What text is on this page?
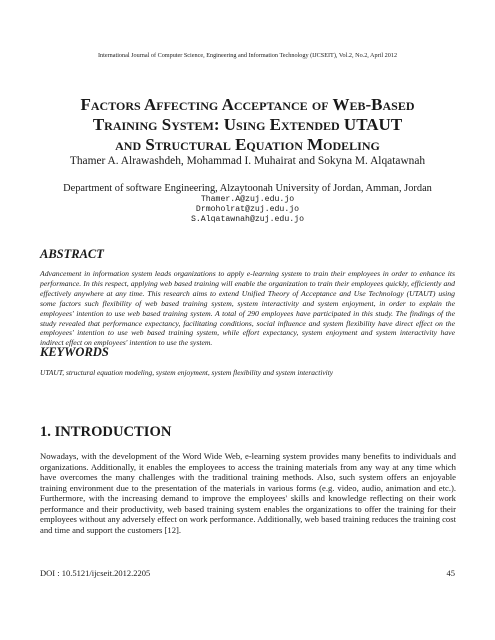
International Journal of Computer Science, Engineering and Information Technology (IJCSEIT), Vol.2, No.2, April 2012
Factors Affecting Acceptance of Web-Based
Training System: Using Extended UTAUT
and Structural Equation Modeling
Thamer A. Alrawashdeh, Mohammad I. Muhairat and Sokyna M. Alqatawnah
Department of software Engineering, Alzaytoonah University of Jordan, Amman, Jordan
Thamer.A@zuj.edu.jo
Drmoholrat@zuj.edu.jo
S.Alqatawnah@zuj.edu.jo
ABSTRACT
Advancement in information system leads organizations to apply e-learning system to train their employees in order to enhance its performance. In this respect, applying web based training will enable the organization to train their employees quickly, efficiently and effectively anywhere at any time. This research aims to extend Unified Theory of Acceptance and Use Technology (UTAUT) using some factors such flexibility of web based training system, system interactivity and system enjoyment, in order to explain the employees' intention to use web based training system. A total of 290 employees have participated in this study. The findings of the study revealed that performance expectancy, facilitating conditions, social influence and system flexibility have direct effect on the employees' intention to use web based training system, while effort expectancy, system enjoyment and system interactivity have indirect effect on employees' intention to use the system.
KEYWORDS
UTAUT, structural equation modeling, system enjoyment, system flexibility and system interactivity
1. INTRODUCTION
Nowadays, with the development of the Word Wide Web, e-learning system provides many benefits to individuals and organizations. Additionally, it enables the employees to access the training materials from any way at any time which have overcomes the many challenges with the traditional training methods. Also, such system offers an enjoyable training environment due to the presentation of the materials in various forms (e.g. video, audio, animation and etc.). Furthermore, with the increasing demand to improve the employees' skills and knowledge reflecting on their work performance and their productivity, web based training system enables the organizations to offer the training for their employees without any adversely effect on work performance. Additionally, web based training reduces the training cost and time and support the customers [12].
DOI : 10.5121/ijcseit.2012.2205	45
